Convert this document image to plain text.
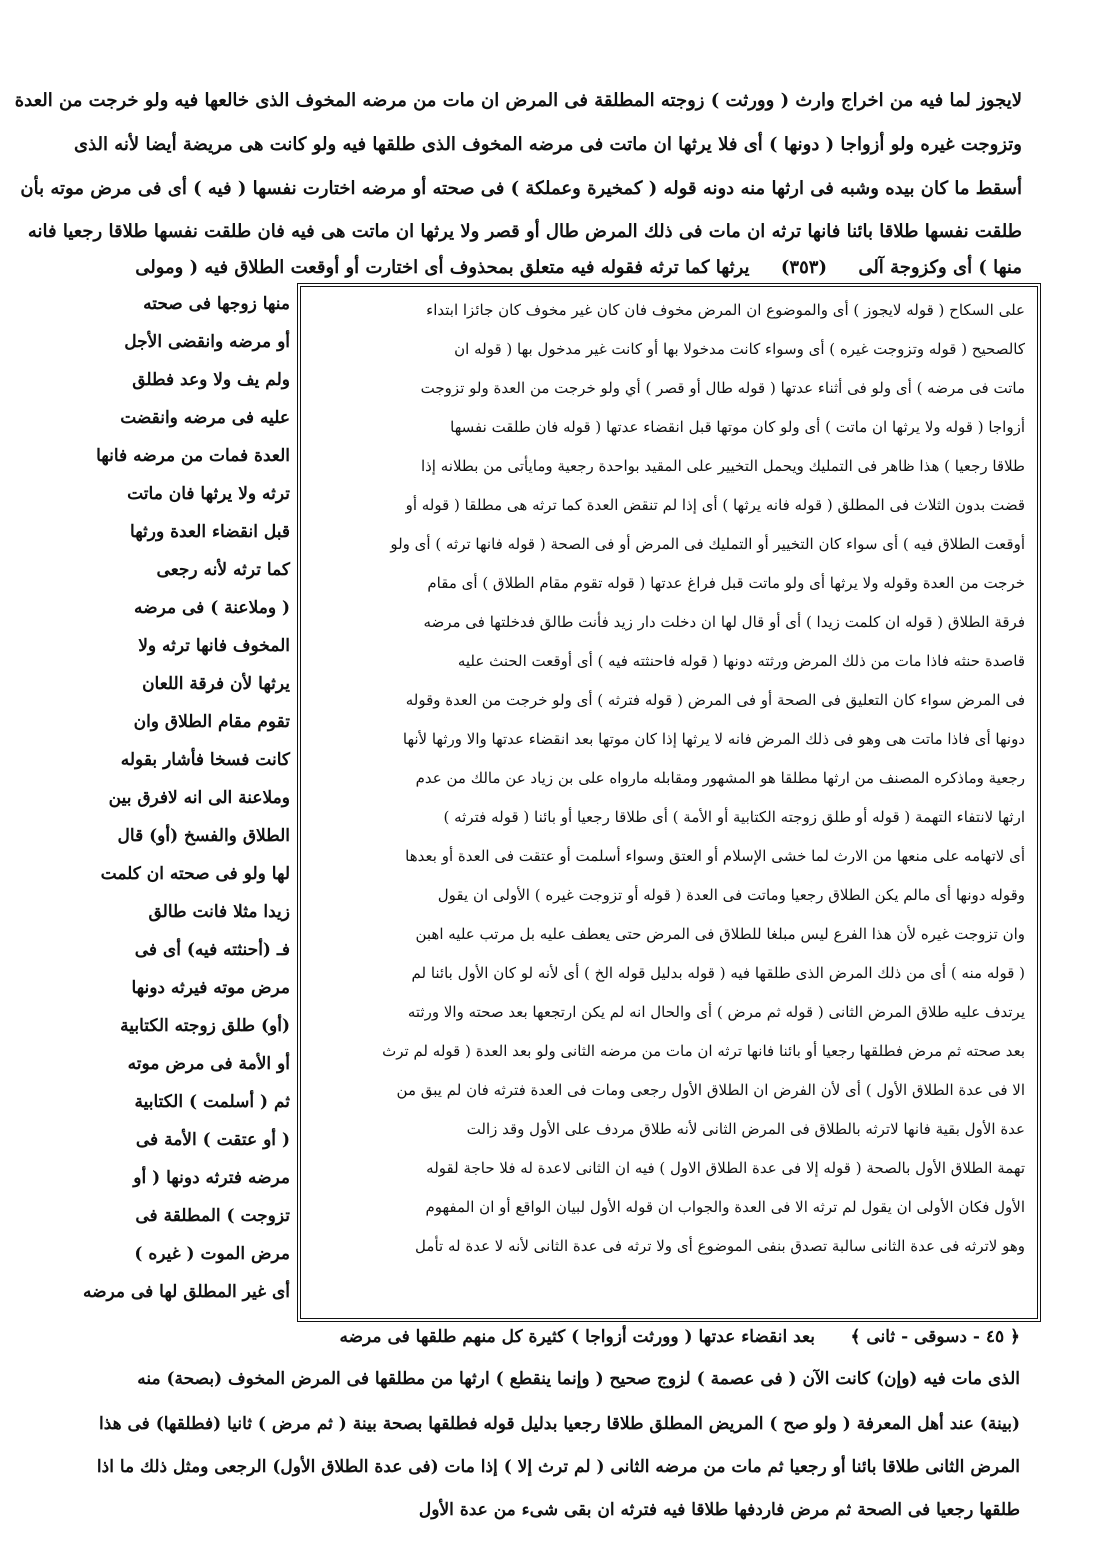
لايجوز لما فيه من اخراج وارث ( وورثت ) زوجته المطلقة فى المرض ان مات من مرضه المخوف الذى خالعها فيه ولو خرجت من العدة
وتزوجت غيره ولو أزواجا ( دونها ) أى فلا يرثها ان ماتت فى مرضه المخوف الذى طلقها فيه ولو كانت هى مريضة أيضا لأنه الذى
أسقط ما كان بيده وشبه فى ارثها منه دونه قوله ( كمخيرة وعملكة ) فى صحته أو مرضه اختارت نفسها ( فيه ) أى فى مرض موته بأن
طلقت نفسها طلاقا بائنا فانها ترثه ان مات فى ذلك المرض طال أو قصر ولا يرثها ان ماتت هى فيه فان طلقت نفسها طلاقا رجعيا فانه
منها ) أى وكزوجة آلى     (٣٥٣)     يرثها كما ترثه فقوله فيه متعلق بمحذوف أى اختارت أو أوقعت الطلاق فيه ( ومولى
على السكاح ( قوله لايجوز ) أى والموضوع ان المرض مخوف فان كان غير مخوف كان جائزا ابتداء
كالصحيح ( قوله وتزوجت غيره ) أى وسواء كانت مدخولا بها أو كانت غير مدخول بها ( قوله ان
ماتت فى مرضه ) أى ولو فى أثناء عدتها ( قوله طال أو قصر ) أي ولو خرجت من العدة ولو تزوجت
أزواجا ( قوله ولا يرثها ان ماتت ) أى ولو كان موتها قبل انقضاء عدتها ( قوله فان طلقت نفسها
طلاقا رجعيا ) هذا ظاهر فى التمليك ويحمل التخيير على المقيد بواحدة رجعية ومايأتى من بطلانه إذا
قضت بدون الثلاث فى المطلق ( قوله فانه يرثها ) أى إذا لم تنقض العدة كما ترثه هى مطلقا ( قوله أو
أوقعت الطلاق فيه ) أى سواء كان التخيير أو التمليك فى المرض أو فى الصحة ( قوله فانها ترثه ) أى ولو
خرجت من العدة وقوله ولا يرثها أى ولو ماتت قبل فراغ عدتها ( قوله تقوم مقام الطلاق ) أى مقام
فرقة الطلاق ( قوله ان كلمت زيدا ) أى أو قال لها ان دخلت دار زيد فأنت طالق فدخلتها فى مرضه
قاصدة حنثه فاذا مات من ذلك المرض ورثته دونها ( قوله فاحنثته فيه ) أى أوقعت الحنث عليه
فى المرض سواء كان التعليق فى الصحة أو فى المرض ( قوله فترثه ) أى ولو خرجت من العدة وقوله
دونها أى فاذا ماتت هى وهو فى ذلك المرض فانه لا يرثها إذا كان موتها بعد انقضاء عدتها والا ورثها لأنها
رجعية وماذكره المصنف من ارثها مطلقا هو المشهور ومقابله مارواه على بن زياد عن مالك من عدم
ارثها لانتفاء التهمة ( قوله أو طلق زوجته الكتابية أو الأمة ) أى طلاقا رجعيا أو بائنا ( قوله فترثه )
أى لاتهامه على منعها من الارث لما خشى الإسلام أو العتق وسواء أسلمت أو عتقت فى العدة أو بعدها
وقوله دونها أى مالم يكن الطلاق رجعيا وماتت فى العدة ( قوله أو تزوجت غيره ) الأولى ان يقول
وان تزوجت غيره لأن هذا الفرع ليس مبلغا للطلاق فى المرض حتى يعطف عليه بل مرتب عليه اهبن
( قوله منه ) أى من ذلك المرض الذى طلقها فيه ( قوله بدليل قوله الخ ) أى لأنه لو كان الأول بائنا لم
يرتدف عليه طلاق المرض الثانى ( قوله ثم مرض ) أى والحال انه لم يكن ارتجعها بعد صحته والا ورثته
بعد صحته ثم مرض فطلقها رجعيا أو بائنا فانها ترثه ان مات من مرضه الثانى ولو بعد العدة ( قوله لم ترث
الا فى عدة الطلاق الأول ) أى لأن الفرض ان الطلاق الأول رجعى ومات فى العدة فترثه فان لم يبق من
عدة الأول بقية فانها لاترثه بالطلاق فى المرض الثانى لأنه طلاق مردف على الأول وقد زالت
تهمة الطلاق الأول بالصحة ( قوله إلا فى عدة الطلاق الاول ) فيه ان الثانى لاعدة له فلا حاجة لقوله
الأول فكان الأولى ان يقول لم ترثه الا فى العدة والجواب ان قوله الأول لبيان الواقع أو ان المفهوم
وهو لاترثه فى عدة الثانى سالبة تصدق بنفى الموضوع أى ولا ترثه فى عدة الثانى لأنه لا عدة له تأمل
منها زوجها فى صحته
أو مرضه وانقضى الأجل
ولم يف ولا وعد فطلق
عليه فى مرضه وانقضت
العدة فمات من مرضه فانها
ترثه ولا يرثها فان ماتت
قبل انقضاء العدة ورثها
كما ترثه لأنه رجعى
( وملاعنة ) فى مرضه
المخوف فانها ترثه ولا
يرثها لأن فرقة اللعان
تقوم مقام الطلاق وان
كانت فسخا فأشار بقوله
وملاعنة الى انه لافرق بين
الطلاق والفسخ (أو) قال
لها ولو فى صحته ان كلمت
زيدا مثلا فانت طالق
فـ (أحنثته فيه) أى فى
مرض موته فيرثه دونها
(أو) طلق زوجته الكتابية
أو الأمة فى مرض موته
ثم ( أسلمت ) الكتابية
( أو عتقت ) الأمة فى
مرضه فترثه دونها ( أو
تزوجت ) المطلقة فى
مرض الموت ( غيره )
أى غير المطلق لها فى مرضه
﴿ ٤٥ - دسوقى - ثانى ﴾      بعد انقضاء عدتها ( وورثت أزواجا ) كثيرة كل منهم طلقها فى مرضه
الذى مات فيه (وإن) كانت الآن ( فى عصمة ) لزوج صحيح ( وإنما ينقطع ) ارثها من مطلقها فى المرض المخوف (بصحة) منه
(بينة) عند أهل المعرفة ( ولو صح ) المريض المطلق طلاقا رجعيا بدليل قوله فطلقها بصحة بينة ( ثم مرض ) ثانيا (فطلقها) فى هذا
المرض الثانى طلاقا بائنا أو رجعيا ثم مات من مرضه الثانى ( لم ترث إلا ) إذا مات (فى عدة الطلاق الأول) الرجعى ومثل ذلك ما اذا
طلقها رجعيا فى الصحة ثم مرض فاردفها طلاقا فيه فترثه ان بقى شىء من عدة الأول
